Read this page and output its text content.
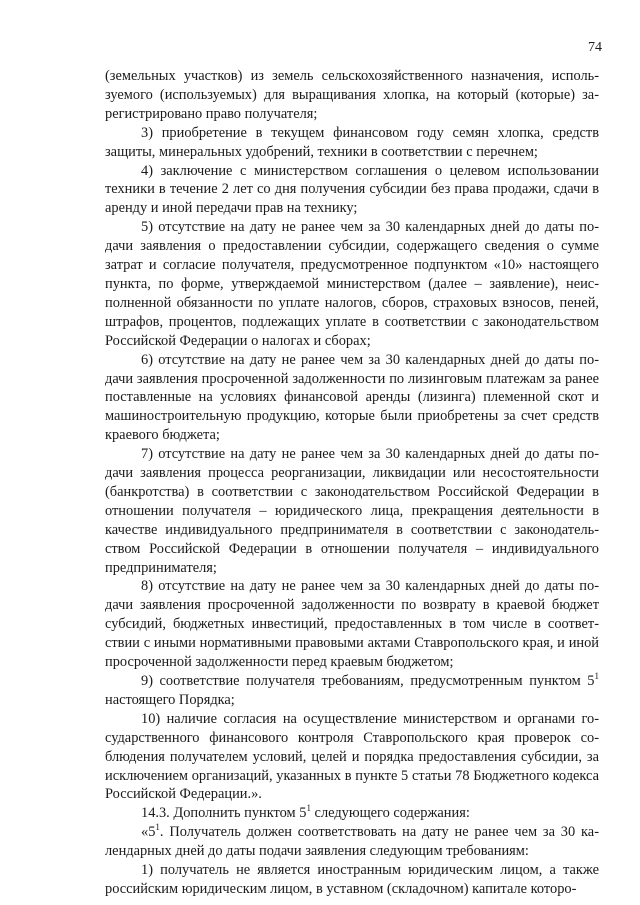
74

(земельных участков) из земель сельскохозяйственного назначения, используемого (используемых) для выращивания хлопка, на который (которые) зарегистрировано право получателя;

3) приобретение в текущем финансовом году семян хлопка, средств защиты, минеральных удобрений, техники в соответствии с перечнем;

4) заключение с министерством соглашения о целевом использовании техники в течение 2 лет со дня получения субсидии без права продажи, сдачи в аренду и иной передачи прав на технику;

5) отсутствие на дату не ранее чем за 30 календарных дней до даты подачи заявления о предоставлении субсидии, содержащего сведения о сумме затрат и согласие получателя, предусмотренное подпунктом «10» настоящего пункта, по форме, утверждаемой министерством (далее – заявление), неисполненной обязанности по уплате налогов, сборов, страховых взносов, пеней, штрафов, процентов, подлежащих уплате в соответствии с законодательством Российской Федерации о налогах и сборах;

6) отсутствие на дату не ранее чем за 30 календарных дней до даты подачи заявления просроченной задолженности по лизинговым платежам за ранее поставленные на условиях финансовой аренды (лизинга) племенной скот и машиностроительную продукцию, которые были приобретены за счет средств краевого бюджета;

7) отсутствие на дату не ранее чем за 30 календарных дней до даты подачи заявления процесса реорганизации, ликвидации или несостоятельности (банкротства) в соответствии с законодательством Российской Федерации в отношении получателя – юридического лица, прекращения деятельности в качестве индивидуального предпринимателя в соответствии с законодательством Российской Федерации в отношении получателя – индивидуального предпринимателя;

8) отсутствие на дату не ранее чем за 30 календарных дней до даты подачи заявления просроченной задолженности по возврату в краевой бюджет субсидий, бюджетных инвестиций, предоставленных в том числе в соответствии с иными нормативными правовыми актами Ставропольского края, и иной просроченной задолженности перед краевым бюджетом;

9) соответствие получателя требованиям, предусмотренным пунктом $5^1$ настоящего Порядка;

10) наличие согласия на осуществление министерством и органами государственного финансового контроля Ставропольского края проверок соблюдения получателем условий, целей и порядка предоставления субсидии, за исключением организаций, указанных в пункте 5 статьи 78 Бюджетного кодекса Российской Федерации.».

14.3. Дополнить пунктом $5^1$ следующего содержания:

«$5^1$. Получатель должен соответствовать на дату не ранее чем за 30 календарных дней до даты подачи заявления следующим требованиям:

1) получатель не является иностранным юридическим лицом, а также российским юридическим лицом, в уставном (складочном) капитале которо-
